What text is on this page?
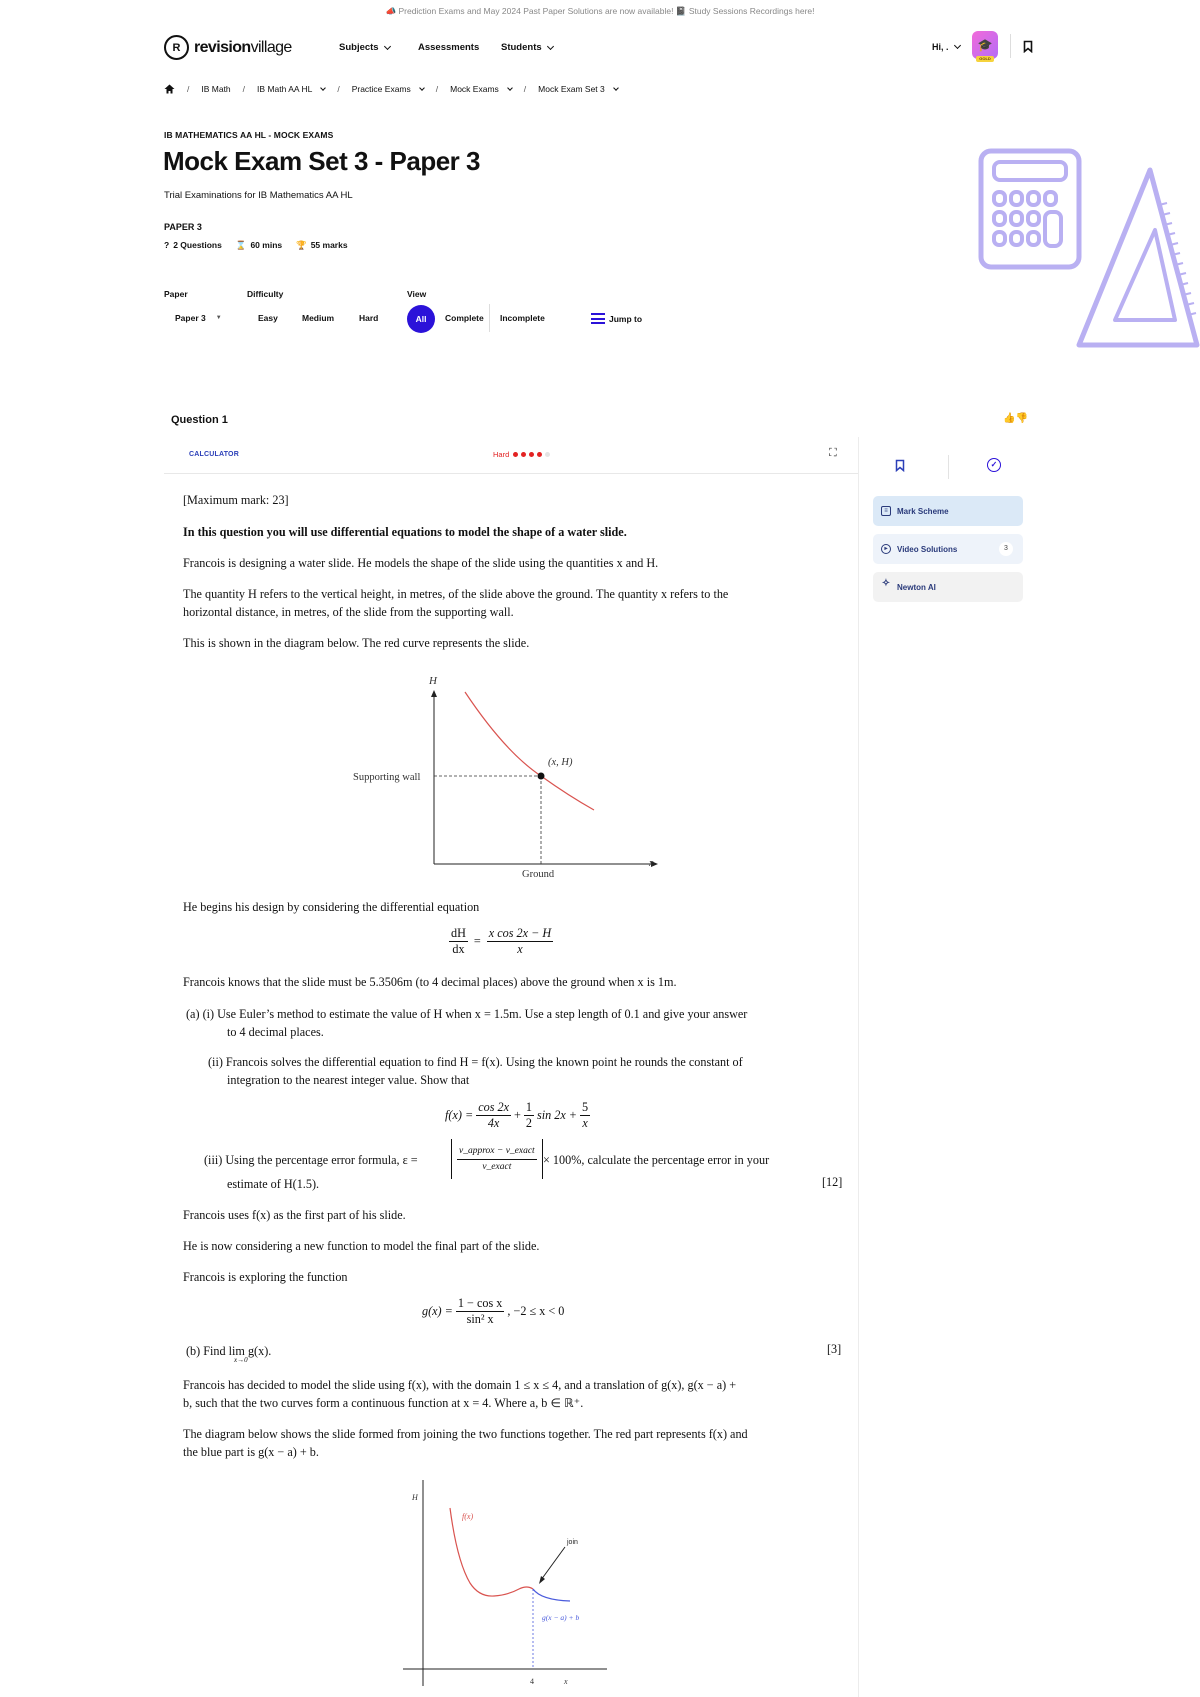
📣 Prediction Exams and May 2024 Past Paper Solutions are now available! 📓 Study Sessions Recordings here!
R revisionvillage	Subjects	Assessments Students	Hi, . 🎓
GOLD
/ IB Math / IB Math AA HL	/ Practice Exams	/ Mock Exams	/ Mock Exam Set 3
IB MATHEMATICS AA HL - MOCK EXAMS
Mock Exam Set 3 - Paper 3
Trial Examinations for IB Mathematics AA HL
PAPER 3
? 2 Questions ⌛ 60 mins 🏆 55 marks
Paper
Paper 3 ▼
Difficulty
Easy	Medium	Hard
View
All	Complete Incomplete	Jump to
Question 1	👍👎
CALCULATOR	Hard	⛶
✓
≡	Mark Scheme
▸	Video Solutions	3
✧ Newton AI
[Maximum mark: 23]
In this question you will use differential equations to model the shape of a water slide.
Francois is designing a water slide. He models the shape of the slide using the quantities x and H.
The quantity H refers to the vertical height, in metres, of the slide above the ground. The quantity x refers to the
horizontal distance, in metres, of the slide from the supporting wall.
This is shown in the diagram below. The red curve represents the slide.
H
x
Supporting wall
(x, H)
Ground
He begins his design by considering the differential equation
$\frac{dH}{dx} = \frac{\text{x cos 2x − H}}{x}$
Francois knows that the slide must be 5.3506m (to 4 decimal places) above the ground when x is 1m.
(a) (i) Use Euler’s method to estimate the value of H when x = 1.5m. Use a step length of 0.1 and give your answer
to 4 decimal places.
(ii) Francois solves the differential equation to find H = f(x). Using the known point he rounds the constant of
integration to the nearest integer value. Show that
$f(x) = \frac{\cos 2x}{4x} + \frac{1}{2}$ $\sin 2x + \frac{5}{x}$
(iii) Using the percentage error formula, ε =	$\frac{\text{v\_approx − v\_exact}}{\text{v\_exact}} \times 100\%$, calculate the percentage error in your
estimate of H(1.5).	[12]
Francois uses f(x) as the first part of his slide.
He is now considering a new function to model the final part of the slide.
Francois is exploring the function
$g(x) = \frac{\text{1 − cos x}}{\text{sin² x}}$ , −2 ≤ x < 0
(b) Find lim g(x).
x→0
[3]
Francois has decided to model the slide using f(x), with the domain 1 ≤ x ≤ 4, and a translation of g(x), g(x − a) +
b, such that the two curves form a continuous function at x = 4. Where a, b ∈ ℝ⁺.
The diagram below shows the slide formed from joining the two functions together. The red part represents f(x) and
the blue part is g(x − a) + b.
H
x
f(x)
join
g(x − a) + b
4
